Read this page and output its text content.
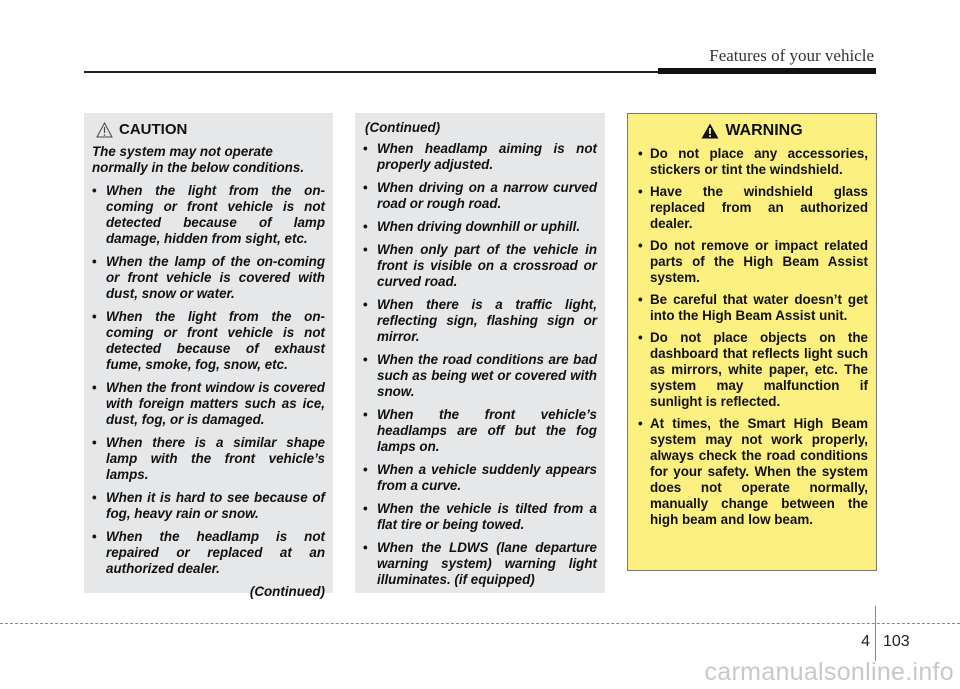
Features of your vehicle
CAUTION

The system may not operate normally in the below conditions.

• When the light from the on-coming or front vehicle is not detected because of lamp damage, hidden from sight, etc.
• When the lamp of the on-coming or front vehicle is covered with dust, snow or water.
• When the light from the on-coming or front vehicle is not detected because of exhaust fume, smoke, fog, snow, etc.
• When the front window is covered with foreign matters such as ice, dust, fog, or is damaged.
• When there is a similar shape lamp with the front vehicle’s lamps.
• When it is hard to see because of fog, heavy rain or snow.
• When the headlamp is not repaired or replaced at an authorized dealer.

(Continued)

(Continued)

• When headlamp aiming is not properly adjusted.
• When driving on a narrow curved road or rough road.
• When driving downhill or uphill.
• When only part of the vehicle in front is visible on a crossroad or curved road.
• When there is a traffic light, reflecting sign, flashing sign or mirror.
• When the road conditions are bad such as being wet or covered with snow.
• When the front vehicle’s headlamps are off but the fog lamps on.
• When a vehicle suddenly appears from a curve.
• When the vehicle is tilted from a flat tire or being towed.
• When the LDWS (lane departure warning system) warning light illuminates. (if equipped)
WARNING
• Do not place any accessories, stickers or tint the windshield.
• Have the windshield glass replaced from an authorized dealer.
• Do not remove or impact related parts of the High Beam Assist system.
• Be careful that water doesn’t get into the High Beam Assist unit.
• Do not place objects on the dashboard that reflects light such as mirrors, white paper, etc. The system may malfunction if sunlight is reflected.
• At times, the Smart High Beam system may not work properly, always check the road conditions for your safety. When the system does not operate normally, manually change between the high beam and low beam.
4 103
carmanualsonline.info
